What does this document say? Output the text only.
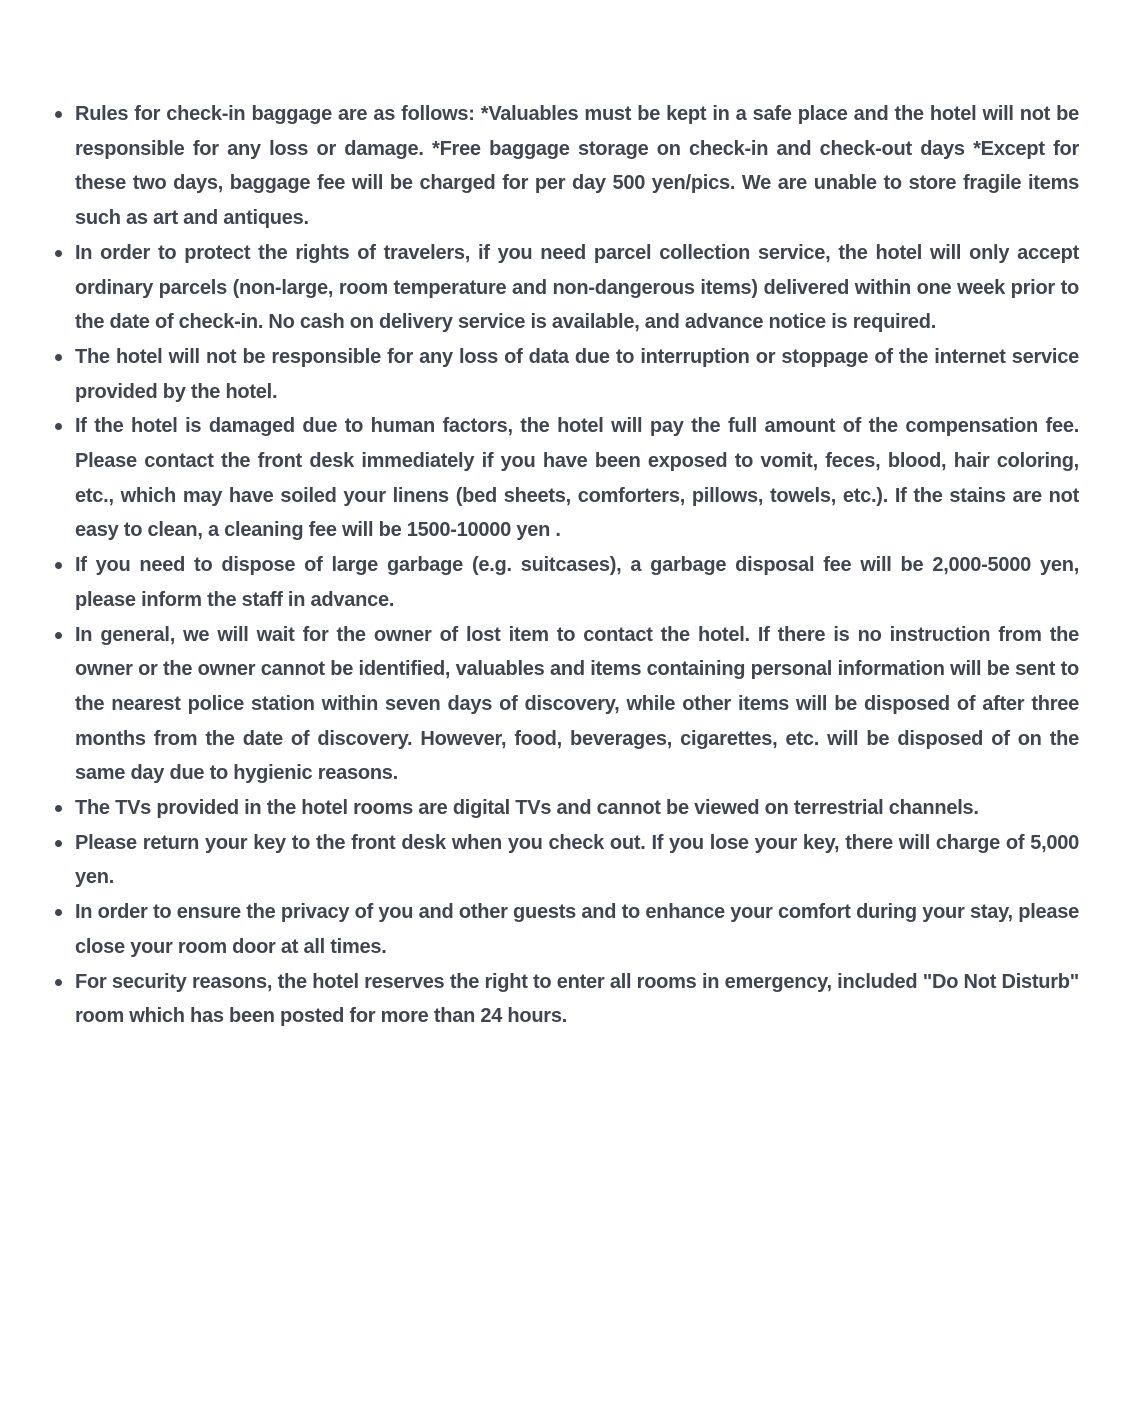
Rules for check-in baggage are as follows: *Valuables must be kept in a safe place and the hotel will not be responsible for any loss or damage. *Free baggage storage on check-in and check-out days *Except for these two days, baggage fee will be charged for per day 500 yen/pics. We are unable to store fragile items such as art and antiques.
In order to protect the rights of travelers, if you need parcel collection service, the hotel will only accept ordinary parcels (non-large, room temperature and non-dangerous items) delivered within one week prior to the date of check-in. No cash on delivery service is available, and advance notice is required.
The hotel will not be responsible for any loss of data due to interruption or stoppage of the internet service provided by the hotel.
If the hotel is damaged due to human factors, the hotel will pay the full amount of the compensation fee. Please contact the front desk immediately if you have been exposed to vomit, feces, blood, hair coloring, etc., which may have soiled your linens (bed sheets, comforters, pillows, towels, etc.). If the stains are not easy to clean, a cleaning fee will be 1500-10000 yen .
If you need to dispose of large garbage (e.g. suitcases), a garbage disposal fee will be 2,000-5000 yen, please inform the staff in advance.
In general, we will wait for the owner of lost item to contact the hotel. If there is no instruction from the owner or the owner cannot be identified, valuables and items containing personal information will be sent to the nearest police station within seven days of discovery, while other items will be disposed of after three months from the date of discovery. However, food, beverages, cigarettes, etc. will be disposed of on the same day due to hygienic reasons.
The TVs provided in the hotel rooms are digital TVs and cannot be viewed on terrestrial channels.
Please return your key to the front desk when you check out. If you lose your key, there will charge of 5,000 yen.
In order to ensure the privacy of you and other guests and to enhance your comfort during your stay, please close your room door at all times.
For security reasons, the hotel reserves the right to enter all rooms in emergency, included "Do Not Disturb" room which has been posted for more than 24 hours.
